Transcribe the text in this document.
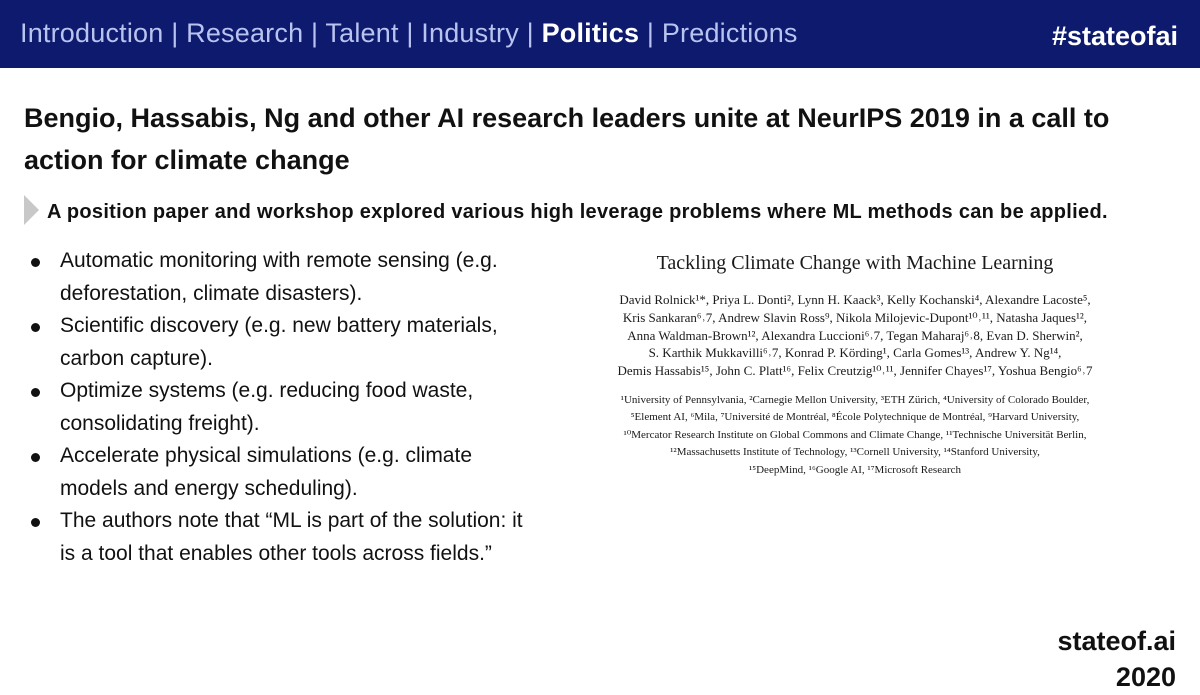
Introduction | Research | Talent | Industry | Politics | Predictions	#stateofai
Bengio, Hassabis, Ng and other AI research leaders unite at NeurIPS 2019 in a call to action for climate change
A position paper and workshop explored various high leverage problems where ML methods can be applied.
Automatic monitoring with remote sensing (e.g. deforestation, climate disasters).
Scientific discovery (e.g. new battery materials, carbon capture).
Optimize systems (e.g. reducing food waste, consolidating freight).
Accelerate physical simulations (e.g. climate models and energy scheduling).
The authors note that “ML is part of the solution: it is a tool that enables other tools across fields.”
Tackling Climate Change with Machine Learning
David Rolnick¹*, Priya L. Donti², Lynn H. Kaack³, Kelly Kochanski⁴, Alexandre Lacoste⁵,
Kris Sankaran⁶˒7, Andrew Slavin Ross⁹, Nikola Milojevic-Dupont¹⁰˒¹¹, Natasha Jaques¹²,
Anna Waldman-Brown¹², Alexandra Luccioni⁶˒7, Tegan Maharaj⁶˒8, Evan D. Sherwin²,
S. Karthik Mukkavilli⁶˒7, Konrad P. Körding¹, Carla Gomes¹³, Andrew Y. Ng¹⁴,
Demis Hassabis¹⁵, John C. Platt¹⁶, Felix Creutzig¹⁰˒¹¹, Jennifer Chayes¹⁷, Yoshua Bengio⁶˒7
¹University of Pennsylvania, ²Carnegie Mellon University, ³ETH Zürich, ⁴University of Colorado Boulder,
⁵Element AI, ⁶Mila, ⁷Université de Montréal, ⁸École Polytechnique de Montréal, ⁹Harvard University,
¹⁰Mercator Research Institute on Global Commons and Climate Change, ¹¹Technische Universität Berlin,
¹²Massachusetts Institute of Technology, ¹³Cornell University, ¹⁴Stanford University,
¹⁵DeepMind, ¹⁶Google AI, ¹⁷Microsoft Research
stateof.ai 2020
